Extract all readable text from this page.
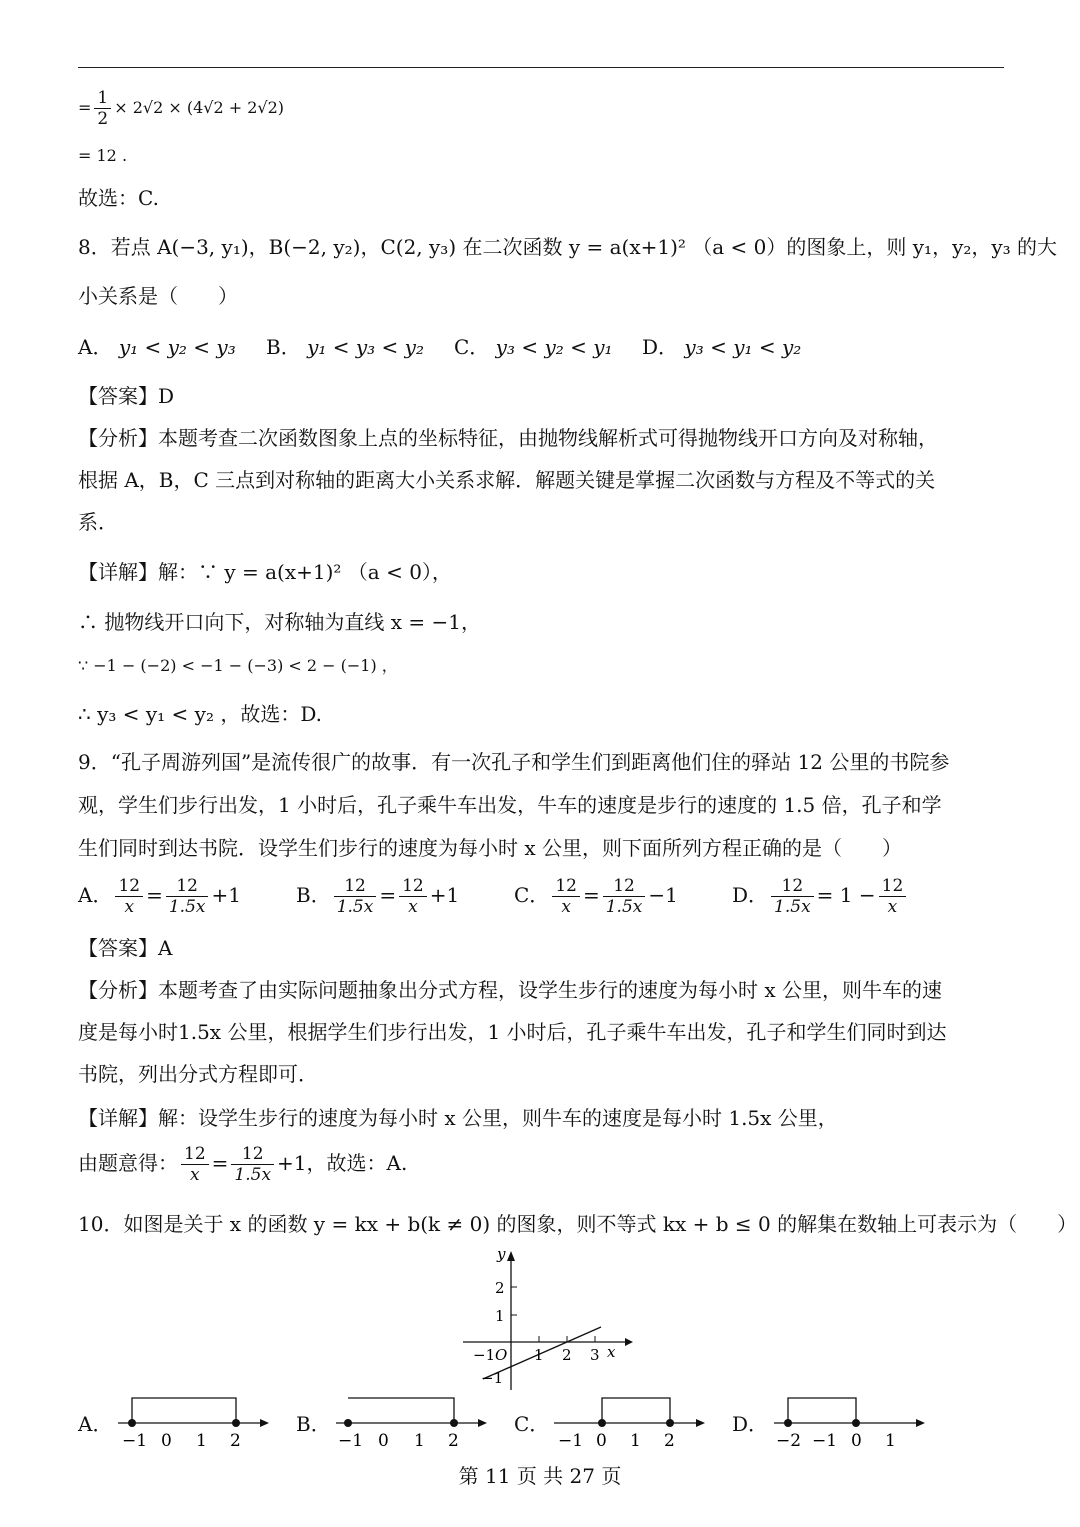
= $\frac{1}{2} \times 2√2 \times (4√2 + 2√2)$
= 12 .
故选：C.
8．若点 A(−3, y₁)，B(−2, y₂)，C(2, y₃) 在二次函数 y = a(x+1)² （a < 0）的图象上，则 y₁，y₂，y₃ 的大
小关系是（　　）
A． y₁ < y₂ < y₃ B． y₁ < y₃ < y₂ C． y₃ < y₂ < y₁ D． y₃ < y₁ < y₂
【答案】D
【分析】本题考查二次函数图象上点的坐标特征，由抛物线解析式可得抛物线开口方向及对称轴，
根据 A，B，C 三点到对称轴的距离大小关系求解．解题关键是掌握二次函数与方程及不等式的关
系．
【详解】解：∵ y = a(x+1)² （a < 0），
∴ 抛物线开口向下，对称轴为直线 x = −1，
∵ −1 − (−2) < −1 − (−3) < 2 − (−1) ，
∴ y₃ < y₁ < y₂ ，故选：D.
9．“孔子周游列国”是流传很广的故事．有一次孔子和学生们到距离他们住的驿站 12 公里的书院参
观，学生们步行出发，1 小时后，孔子乘牛车出发，牛车的速度是步行的速度的 1.5 倍，孔子和学
生们同时到达书院．设学生们步行的速度为每小时 x 公里，则下面所列方程正确的是（　　）
A． $\frac{12}{x} = \frac{12}{1.5x} +1$	B． $\frac{12}{1.5x} = \frac{12}{x} +1$	C． $\frac{12}{x} = \frac{12}{1.5x} -1$	D． $\frac{12}{1.5x} = 1 - \frac{12}{x}$
【答案】A
【分析】本题考查了由实际问题抽象出分式方程，设学生步行的速度为每小时 x 公里，则牛车的速
度是每小时1.5x 公里，根据学生们步行出发，1 小时后，孔子乘牛车出发，孔子和学生们同时到达
书院，列出分式方程即可．
【详解】解：设学生步行的速度为每小时 x 公里，则牛车的速度是每小时 1.5x 公里，
由题意得： $\frac{12}{x} = \frac{12}{1.5x} +1$，故选：A.
10．如图是关于 x 的函数 y = kx + b(k ≠ 0) 的图象，则不等式 kx + b ≤ 0 的解集在数轴上可表示为（　　）
y
x
2
1
−1
−1 O 1 2 3
A．
−1 0 1 2
B．
−1 0 1 2
C．
−1 0 1 2
D．
−2 −1 0 1
第 11 页 共 27 页
